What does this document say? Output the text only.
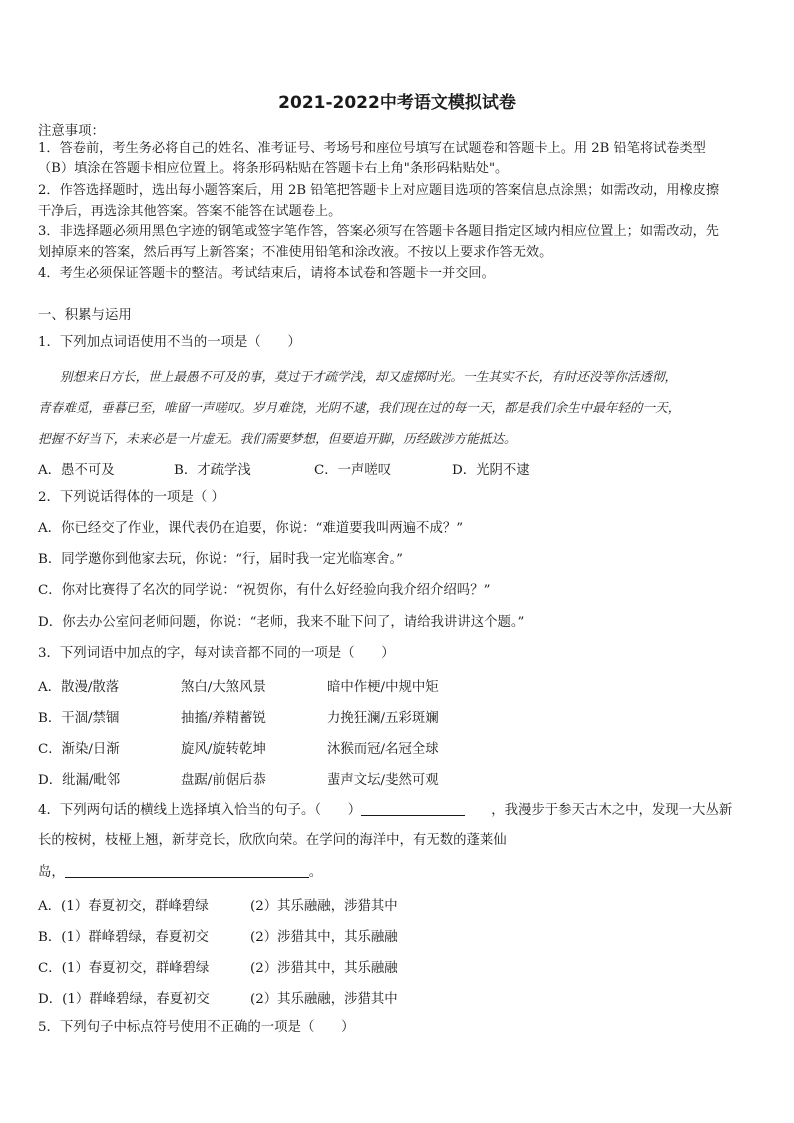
2021-2022中考语文模拟试卷
注意事项：
1．答卷前，考生务必将自己的姓名、准考证号、考场号和座位号填写在试题卷和答题卡上。用 2B 铅笔将试卷类型
（B）填涂在答题卡相应位置上。将条形码粘贴在答题卡右上角"条形码粘贴处"。
2．作答选择题时，选出每小题答案后，用 2B 铅笔把答题卡上对应题目选项的答案信息点涂黑；如需改动，用橡皮擦
干净后，再选涂其他答案。答案不能答在试题卷上。
3．非选择题必须用黑色字迹的钢笔或签字笔作答，答案必须写在答题卡各题目指定区域内相应位置上；如需改动，先
划掉原来的答案，然后再写上新答案；不准使用铅笔和涂改液。不按以上要求作答无效。
4．考生必须保证答题卡的整洁。考试结束后，请将本试卷和答题卡一并交回。
一、积累与运用
1．下列加点词语使用不当的一项是（　　）
别想来日方长，世上最愚不可及的事，莫过于才疏学浅，却又虚掷时光。一生其实不长，有时还没等你活透彻，
青春难觅，垂暮已至，唯留一声嗟叹。岁月难饶，光阴不逮，我们现在过的每一天，都是我们余生中最年轻的一天，
把握不好当下，未来必是一片虚无。我们需要梦想，但要追开脚，历经跋涉方能抵达。
A．愚不可及	B．才疏学浅	C．一声嗟叹	D．光阴不逮
2．下列说话得体的一项是（ ）
A．你已经交了作业，课代表仍在追要，你说：“难道要我叫两遍不成？”
B．同学邀你到他家去玩，你说：“行，届时我一定光临寒舍。”
C．你对比赛得了名次的同学说：“祝贺你，有什么好经验向我介绍介绍吗？”
D．你去办公室问老师问题，你说：“老师，我来不耻下问了，请给我讲讲这个题。”
3．下列词语中加点的字，每对读音都不同的一项是（　　）
A．散漫/散落	煞白/大煞风景	暗中作梗/中规中矩
B．干涸/禁锢	抽搐/养精蓄锐	力挽狂澜/五彩斑斓
C．渐染/日渐	旋风/旋转乾坤	沐猴而冠/名冠全球
D．纰漏/毗邻	盘踞/前倨后恭	蜚声文坛/斐然可观
4．下列两句话的横线上选择填入恰当的句子。（　　）	，我漫步于参天古木之中，发现一大丛新
长的桉树，枝桠上翘，新芽竞长，欣欣向荣。在学问的海洋中，有无数的蓬莱仙
岛，	。
A．(1）春夏初交，群峰碧绿	(2）其乐融融，涉猎其中
B．(1）群峰碧绿，春夏初交	(2）涉猎其中，其乐融融
C．(1）春夏初交，群峰碧绿	(2）涉猎其中，其乐融融
D．(1）群峰碧绿，春夏初交	(2）其乐融融，涉猎其中
5．下列句子中标点符号使用不正确的一项是（　　）
